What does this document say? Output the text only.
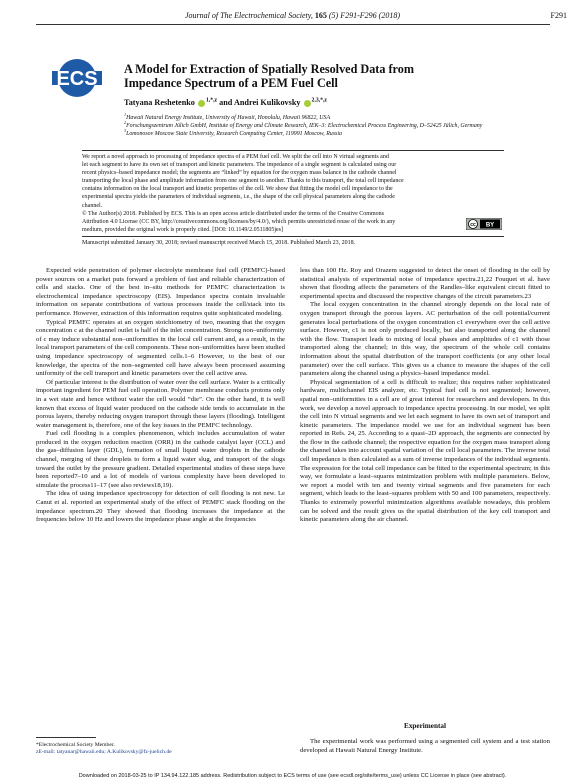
Journal of The Electrochemical Society, 165 (5) F291-F296 (2018)	F291
ECS A Model for Extraction of Spatially Resolved Data from Impedance Spectrum of a PEM Fuel Cell
Tatyana Reshetenko $^{1,*,z}$ and Andrei Kulikovsky $^{2,3,*,z}$
$^1$Hawaii Natural Energy Institute, University of Hawaii, Honolulu, Hawaii 96822, USA
$^2$Forschungszentrum Jülich GmbH, Institute of Energy and Climate Research, IEK–3: Electrochemical Process Engineering, D–52425 Jülich, Germany
$^3$Lomonosov Moscow State University, Research Computing Center, 119991 Moscow, Russia
We report a novel approach to processing of impedance spectra of a PEM fuel cell. We split the cell into N virtual segments and
let each segment to have its own set of transport and kinetic parameters. The impedance of a single segment is calculated using our
recent physics–based impedance model; the segments are “linked” by equation for the oxygen mass balance in the cathode channel
transporting the local phase and amplitude information from one segment to another. Thanks to this transport, the total cell impedance
contains information on the local transport and kinetic properties of the cell. We show that fitting the model cell impedance to the
experimental spectra yields the parameters of individual segments, i.e., the shape of the cell physical parameters along the cathode
channel.
© The Author(s) 2018. Published by ECS. This is an open access article distributed under the terms of the Creative Commons
Attribution 4.0 License (CC BY, http://creativecommons.org/licenses/by/4.0/), which permits unrestricted reuse of the work in any
medium, provided the original work is properly cited. [DOI: 10.1149/2.0511805jes]
cc BY
Manuscript submitted January 30, 2018; revised manuscript received March 15, 2018. Published March 23, 2018.

Expected wide penetration of polymer electrolyte membrane fuel cell (PEMFC)-based power sources on a market puts forward a problem of fast and reliable characterization of cells and stacks. One of the best in–situ methods for PEMFC characterization is electrochemical impedance spectroscopy (EIS). Impedance spectra contain invaluable information on separate contributions of various processes inside the cell/stack into its performance. However, extraction of this information requires quite sophisticated modeling.

Typical PEMFC operates at an oxygen stoichiometry of two, meaning that the oxygen concentration c at the channel outlet is half of the inlet concentration. Strong non–uniformity of c may induce substantial non–uniformities in the local cell current and, as a result, in the local transport parameters of the cell components. These non–uniformities have been studied using impedance spectroscopy of segmented cells.1–6 However, to the best of our knowledge, the spectra of the non–segmented cell have always been processed assuming uniformity of the cell transport and kinetic parameters over the cell active area.

Of particular interest is the distribution of water over the cell surface. Water is a critically important ingredient for PEM fuel cell operation. Polymer membrane conducts protons only in a wet state and hence without water the cell would “die”. On the other hand, it is well known that excess of liquid water produced on the cathode side tends to accumulate in the porous layers, thereby reducing oxygen transport through these layers (flooding). Intelligent water management is, therefore, one of the key issues in the PEMFC technology.

Fuel cell flooding is a complex phenomenon, which includes accumulation of water produced in the oxygen reduction reaction (ORR) in the cathode catalyst layer (CCL) and the gas–diffusion layer (GDL), formation of small liquid water droplets in the cathode channel, merging of these droplets to form a liquid water slug, and transport of the slugs toward the outlet by the pressure gradient. Detailed experimental studies of these steps have been reported7–10 and a lot of models of various complexity have been developed to simulate the process11–17 (see also reviews18,19).

The idea of using impedance spectroscopy for detection of cell flooding is not new. Le Canut et al. reported an experimental study of the effect of PEMFC stack flooding on the impedance spectrum.20 They showed that flooding increases the impedance at the frequencies below 10 Hz and lowers the impedance phase angle at the frequencies

less than 100 Hz. Roy and Orazem suggested to detect the onset of flooding in the cell by statistical analysis of experimental noise of impedance spectra.21,22 Fouquet et al. have shown that flooding affects the parameters of the Randles–like equivalent circuit fitted to experimental spectra and discussed the respective changes of the circuit parameters.23

The local oxygen concentration in the channel strongly depends on the local rate of oxygen transport through the porous layers. AC perturbation of the cell potential/current generates local perturbations of the oxygen concentration c1 everywhere over the cell active surface. However, c1 is not only produced locally, but also transported along the channel with the flow. Transport leads to mixing of local phases and amplitudes of c1 with those transported along the channel; in this way, the spectrum of the whole cell contains information about the spatial distribution of the transport coefficients (or any other local parameter) over the cell surface. This gives us a chance to measure the shapes of the cell parameters along the channel using a physics–based impedance model.

Physical segmentation of a cell is difficult to realize; this requires rather sophisticated hardware, multichannel EIS analyzer, etc. Typical fuel cell is not segmented; however, spatial non–uniformities in a cell are of great interest for researchers and developers. In this work, we develop a novel approach to impedance spectra processing. In our model, we split the cell into N virtual segments and we let each segment to have its own set of transport and kinetic parameters. The impedance model we use for an individual segment has been reported in Refs. 24, 25. According to a quasi–2D approach, the segments are connected by the flow in the cathode channel; the respective equation for the oxygen mass transport along the channel takes into account spatial variation of the cell local parameters. The inverse total cell impedance is then calculated as a sum of inverse impedances of the individual segments. The expression for the total cell impedance can be fitted to the experimental spectrum; in this way, we formulate a least–squares minimization problem with multiple parameters. Below, we report a model with ten and twenty virtual segments and five parameters for each segment, which leads to the least–squares problem with 50 and 100 parameters, respectively. Thanks to extremely powerful minimization algorithms available nowadays, this problem can be solved and the result gives us the spatial distribution of the key cell transport and kinetic parameters along the air channel.

Experimental
The experimental work was performed using a segmented cell system and a test station developed at Hawaii Natural Energy Institute.
*Electrochemical Society Member.
zE-mail: tatyanar@hawaii.edu; A.Kulikovsky@fz-juelich.de
Downloaded on 2018-03-25 to IP 134.94.122.185 address. Redistribution subject to ECS terms of use (see ecsdl.org/site/terms_use) unless CC License in place (see abstract).
